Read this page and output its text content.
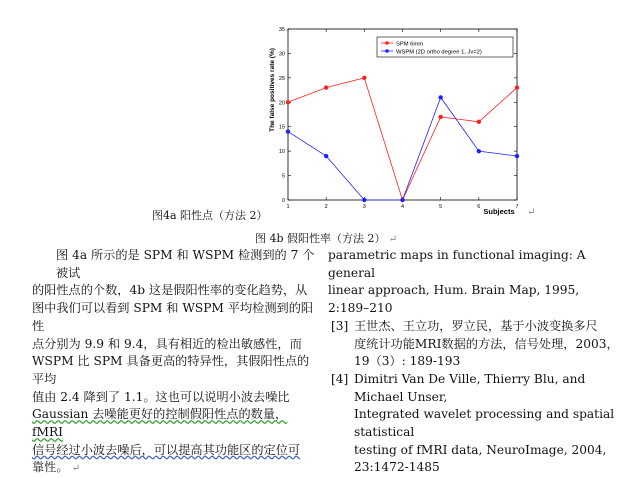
0
5
10
15
20
25
30
35
1	2	3	4	5	6	7
The false positives rate (%)
Subjects
SPM 6mm
WSPM (2D ortho degree 1, Jv=2)
图4a 阳性点（方法 2）	↵
图 4b 假阳性率（方法 2） ↵

图 4a 所示的是 SPM 和 WSPM 检测到的 7 个被试

的阳性点的个数，4b 这是假阳性率的变化趋势，从

图中我们可以看到 SPM 和 WSPM 平均检测到的阳性

点分别为 9.9 和 9.4，具有相近的检出敏感性，而

WSPM 比 SPM 具备更高的特异性，其假阳性点的平均

值由 2.4 降到了 1.1。这也可以说明小波去噪比

Gaussian 去噪能更好的控制假阳性点的数量，fMRI

信号经过小波去噪后，可以提高其功能区的定位可

靠性。 ↵

parametric maps in functional imaging: A general

linear approach, Hum. Brain Map, 1995, 2:189–210

[3] 王世杰、王立功，罗立民，基于小波变换多尺

度统计功能MRI数据的方法，信号处理，2003，

19（3）: 189-193

[4] Dimitri Van De Ville, Thierry Blu, and Michael Unser,

Integrated wavelet processing and spatial statistical

testing of fMRI data, NeuroImage, 2004,

23:1472-1485
